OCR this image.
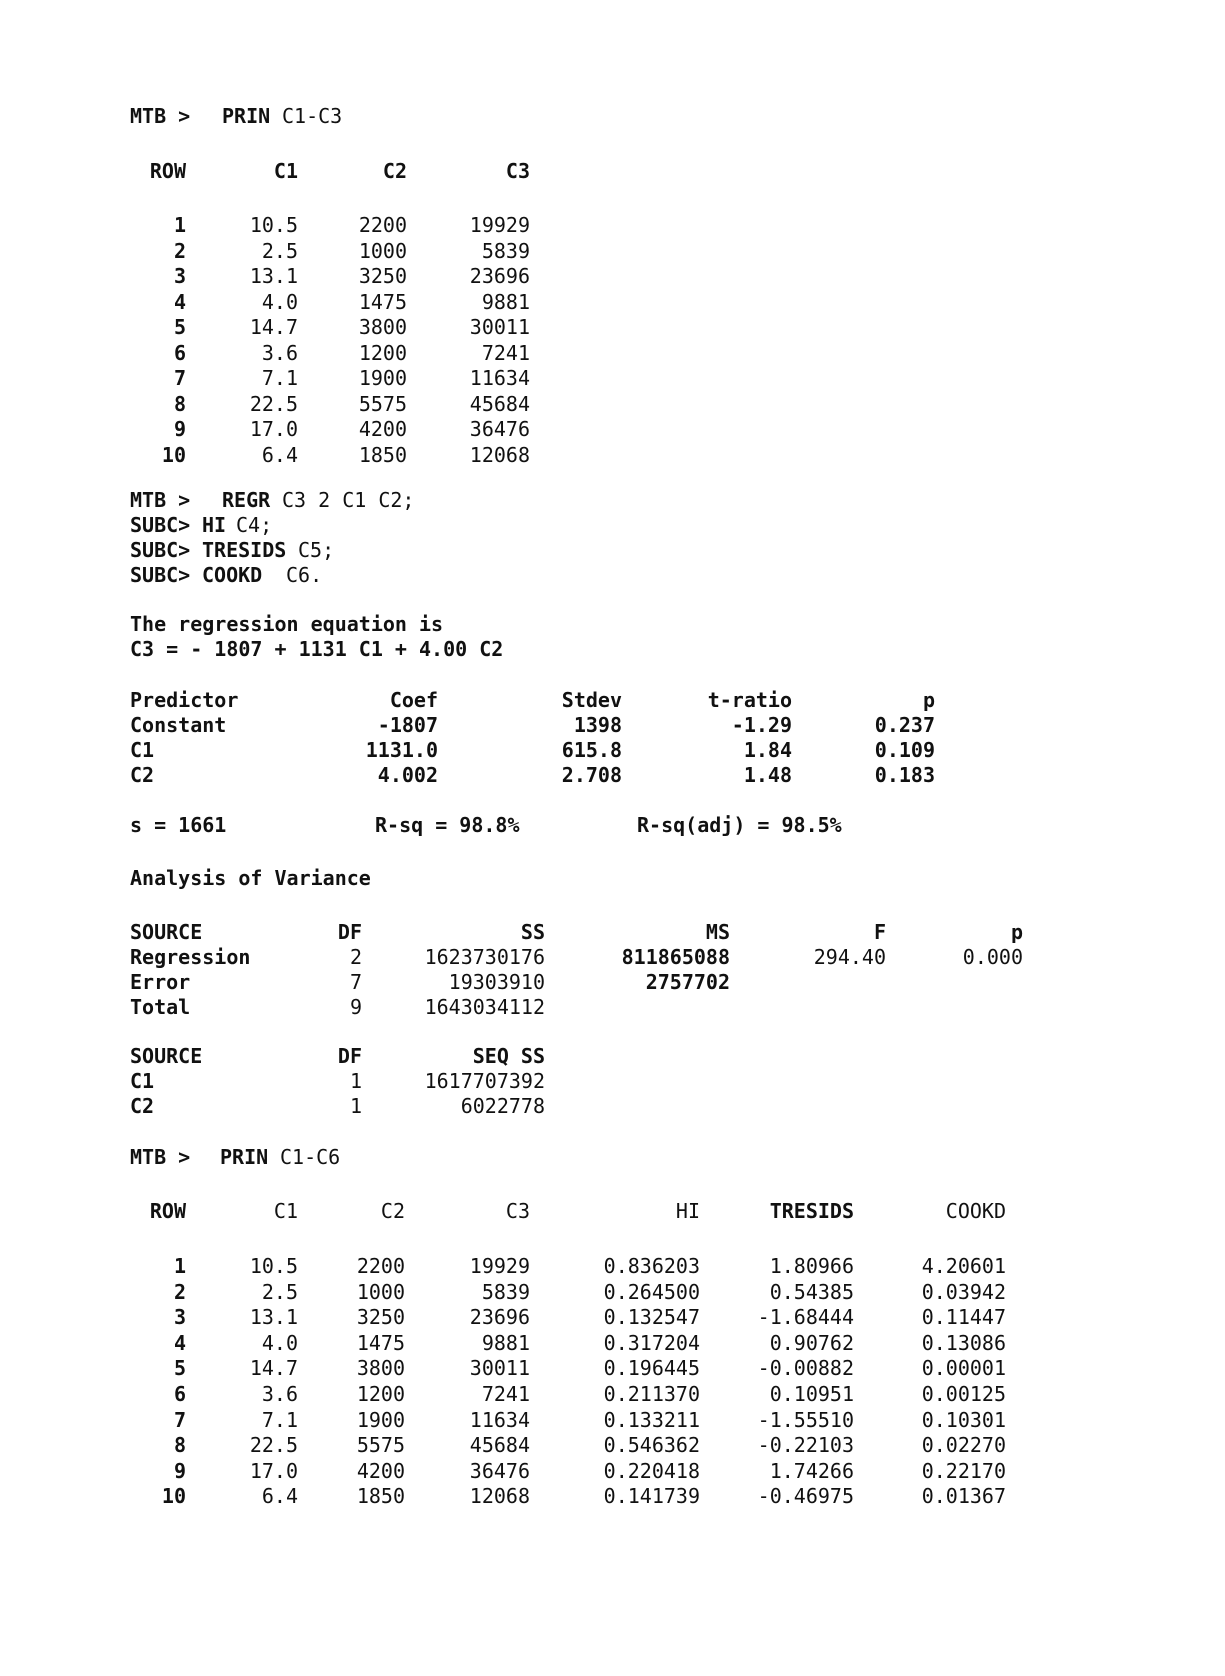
MTB > PRIN C1-C3
ROW	C1	C2	C3
1	10.5	2200	19929
2	2.5	1000	5839
3	13.1	3250	23696
4	4.0	1475	9881
5	14.7	3800	30011
6	3.6	1200	7241
7	7.1	1900	11634
8	22.5	5575	45684
9	17.0	4200	36476
10	6.4	1850	12068
MTB > REGR C3 2 C1 C2;
SUBC> HI C4;
SUBC> TRESIDS C5;
SUBC> COOKD C6.
The regression equation is
C3 = - 1807 + 1131 C1 + 4.00 C2
Predictor	Coef	Stdev	t-ratio	p
Constant	-1807	1398	-1.29	0.237
C1	1131.0	615.8	1.84	0.109
C2	4.002	2.708	1.48	0.183
s = 1661	R-sq = 98.8%	R-sq(adj) = 98.5%
Analysis of Variance
SOURCE	DF	SS	MS	F	p
Regression	2	1623730176	811865088	294.40	0.000
Error	7	19303910	2757702
Total	9	1643034112
SOURCE	DF	SEQ SS
C1	1	1617707392
C2	1	6022778
MTB > PRIN C1-C6
ROW	C1	C2	C3	HI	TRESIDS	COOKD
1	10.5	2200	19929	0.836203	1.80966	4.20601
2	2.5	1000	5839	0.264500	0.54385	0.03942
3	13.1	3250	23696	0.132547	-1.68444	0.11447
4	4.0	1475	9881	0.317204	0.90762	0.13086
5	14.7	3800	30011	0.196445	-0.00882	0.00001
6	3.6	1200	7241	0.211370	0.10951	0.00125
7	7.1	1900	11634	0.133211	-1.55510	0.10301
8	22.5	5575	45684	0.546362	-0.22103	0.02270
9	17.0	4200	36476	0.220418	1.74266	0.22170
10	6.4	1850	12068	0.141739	-0.46975	0.01367
